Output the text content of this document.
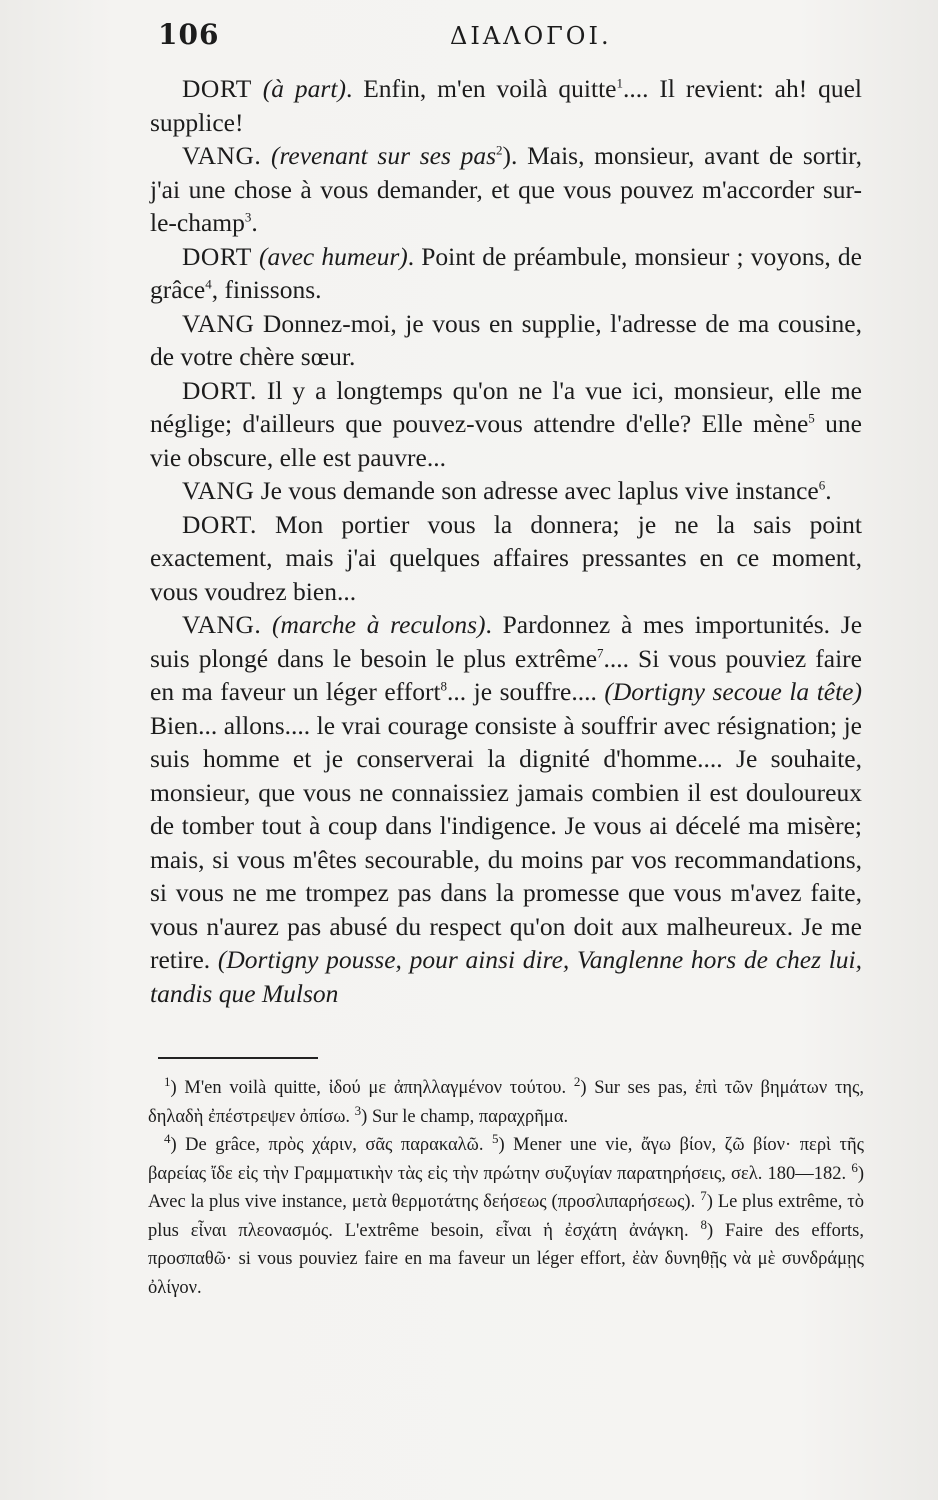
106	ΔΙΑΛΟΓΟΙ.

DORT (à part). Enfin, m'en voilà quitte$^1$.... Il revient: ah! quel supplice!

VANG. (revenant sur ses pas$^2$). Mais, monsieur, avant de sortir, j'ai une chose à vous demander, et que vous pouvez m'accorder sur-le-champ$^3$.

DORT (avec humeur). Point de préambule, monsieur ; voyons, de grâce$^4$, finissons.

VANG Donnez-moi, je vous en supplie, l'adresse de ma cousine, de votre chère sœur.

DORT. Il y a longtemps qu'on ne l'a vue ici, monsieur, elle me néglige; d'ailleurs que pouvez-vous attendre d'elle? Elle mène$^5$ une vie obscure, elle est pauvre...

VANG Je vous demande son adresse avec laplus vive instance$^6$.

DORT. Mon portier vous la donnera; je ne la sais point exactement, mais j'ai quelques affaires pressantes en ce moment, vous voudrez bien...

VANG. (marche à reculons). Pardonnez à mes importunités. Je suis plongé dans le besoin le plus extrême$^7$.... Si vous pouviez faire en ma faveur un léger effort$^8$... je souffre.... (Dortigny secoue la tête) Bien... allons.... le vrai courage consiste à souffrir avec résignation; je suis homme et je conserverai la dignité d'homme.... Je souhaite, monsieur, que vous ne connaissiez jamais combien il est douloureux de tomber tout à coup dans l'indigence. Je vous ai décelé ma misère; mais, si vous m'êtes secourable, du moins par vos recommandations, si vous ne me trompez pas dans la promesse que vous m'avez faite, vous n'aurez pas abusé du respect qu'on doit aux malheureux. Je me retire. (Dortigny pousse, pour ainsi dire, Vanglenne hors de chez lui, tandis que Mulson

$^1$) M'en voilà quitte, ἰδού με ἀπηλλαγμένον τούτου. $^2$) Sur ses pas, ἐπὶ τῶν βημάτων της, δηλαδὴ ἐπέστρεψεν ὀπίσω. $^3$) Sur le champ, παραχρῆμα.

$^4$) De grâce, πρὸς χάριν, σᾶς παρακαλῶ. $^5$) Mener une vie, ἄγω βίον, ζῶ βίον· περὶ τῆς βαρείας ἴδε εἰς τὴν Γραμματικὴν τὰς εἰς τὴν πρώτην συζυγίαν παρατηρήσεις, σελ. 180—182. $^6$) Avec la plus vive instance, μετὰ θερμοτάτης δεήσεως (προσλιπαρήσεως). $^7$) Le plus extrême, τὸ plus εἶναι πλεονασμός. L'extrême besoin, εἶναι ἡ ἐσχάτη ἀνάγκη. $^8$) Faire des efforts, προσπαθῶ· si vous pouviez faire en ma faveur un léger effort, ἐὰν δυνηθῇς νὰ μὲ συνδράμῃς ὀλίγον.
